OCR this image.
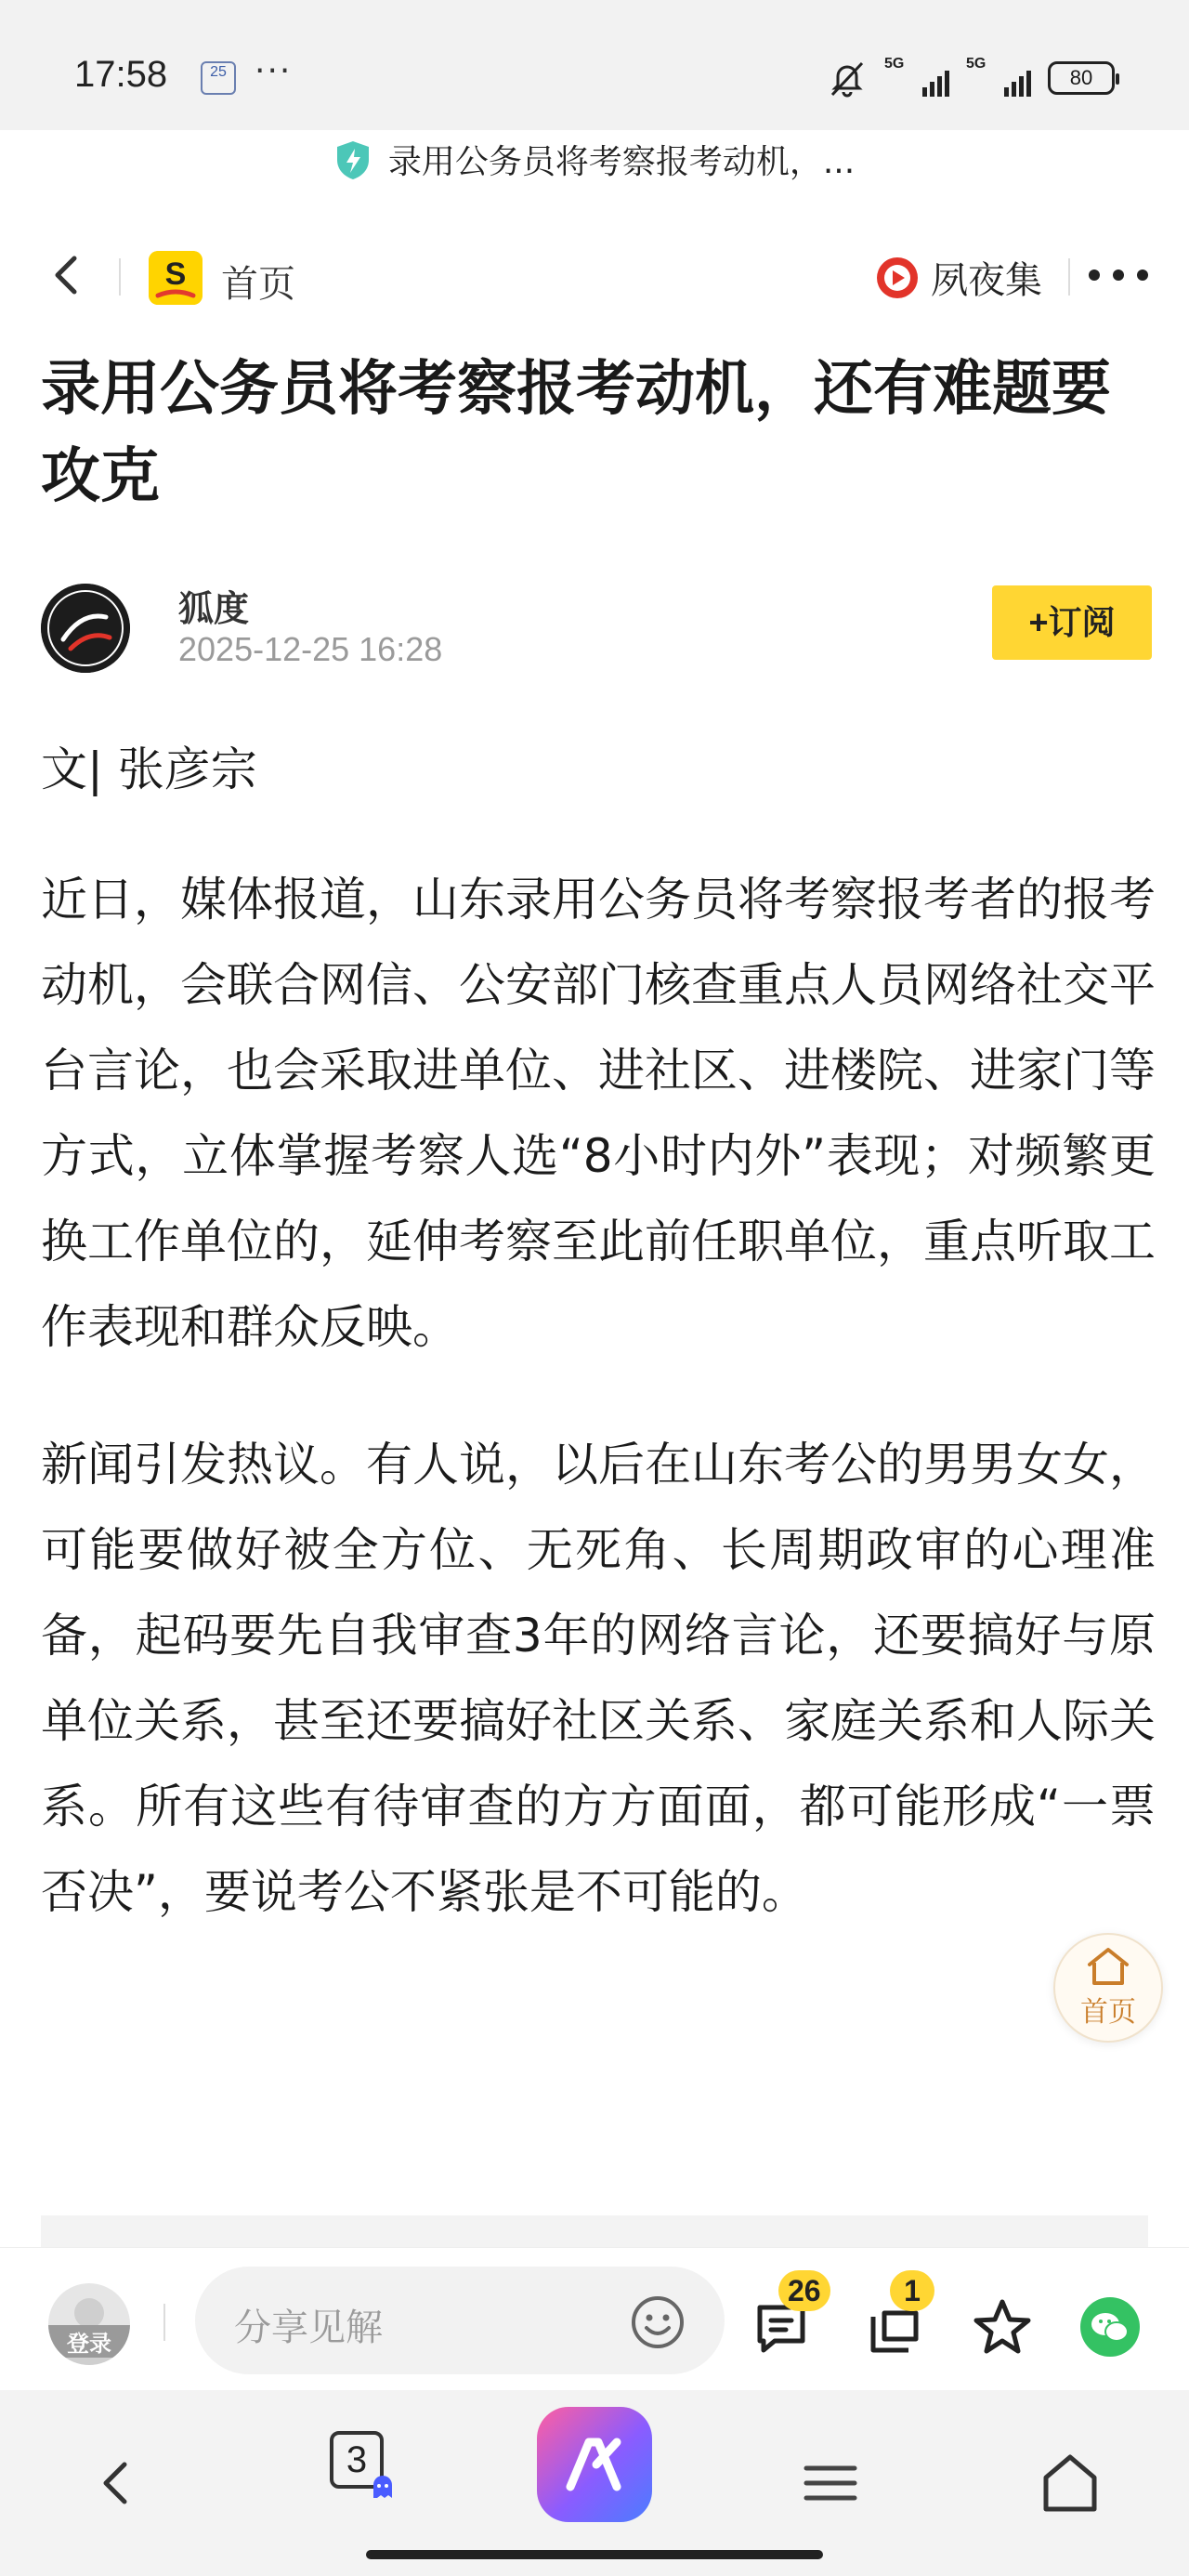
17:58	25 ···	5G	5G
80
录用公务员将考察报考动机，...
S 首页	夙夜集
录用公务员将考察报考动机，还有难题要攻克
狐度
2025-12-25 16:28
+订阅

文| 张彦宗

近日，媒体报道，山东录用公务员将考察报考者的报考动机，会联合网信、公安部门核查重点人员网络社交平台言论，也会采取进单位、进社区、进楼院、进家门等方式，立体掌握考察人选“8小时内外”表现；对频繁更换工作单位的，延伸考察至此前任职单位，重点听取工作表现和群众反映。

新闻引发热议。有人说，以后在山东考公的男男女女，可能要做好被全方位、无死角、长周期政审的心理准备，起码要先自我审查3年的网络言论，还要搞好与原单位关系，甚至还要搞好社区关系、家庭关系和人际关系。所有这些有待审查的方方面面，都可能形成“一票否决”，要说考公不紧张是不可能的。

首页
登录	分享见解
26	1
3
